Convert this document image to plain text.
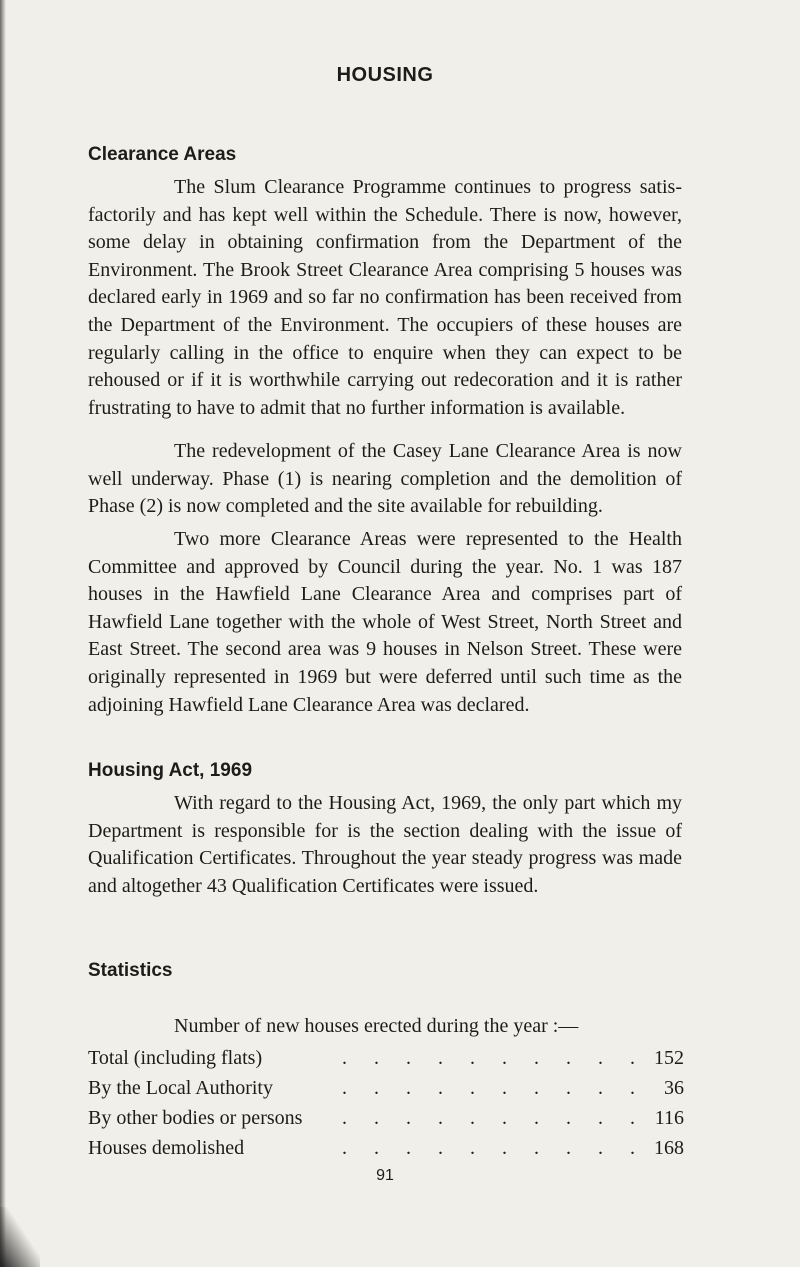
HOUSING
Clearance Areas

The Slum Clearance Programme continues to progress satis- factorily and has kept well within the Schedule. There is now, however, some delay in obtaining confirmation from the Department of the Environment. The Brook Street Clearance Area comprising 5 houses was declared early in 1969 and so far no confirmation has been received from the Department of the Environment. The occupiers of these houses are regularly calling in the office to enquire when they can expect to be rehoused or if it is worthwhile carrying out redecoration and it is rather frustrating to have to admit that no further information is available.

The redevelopment of the Casey Lane Clearance Area is now well underway. Phase (1) is nearing completion and the demolition of Phase (2) is now completed and the site available for rebuilding.

Two more Clearance Areas were represented to the Health Committee and approved by Council during the year. No. 1 was 187 houses in the Hawfield Lane Clearance Area and comprises part of Hawfield Lane together with the whole of West Street, North Street and East Street. The second area was 9 houses in Nelson Street. These were originally represented in 1969 but were deferred until such time as the adjoining Hawfield Lane Clearance Area was declared.

Housing Act, 1969

With regard to the Housing Act, 1969, the only part which my Department is responsible for is the section dealing with the issue of Qualification Certificates. Throughout the year steady progress was made and altogether 43 Qualification Certificates were issued.

Statistics

Number of new houses erected during the year :—

Total (including flats)	. . . . . . . . . . 152
By the Local Authority	. . . . . . . . . . 36
By other bodies or persons . . . . . . . . . . 116
Houses demolished	. . . . . . . . . . 168
91
